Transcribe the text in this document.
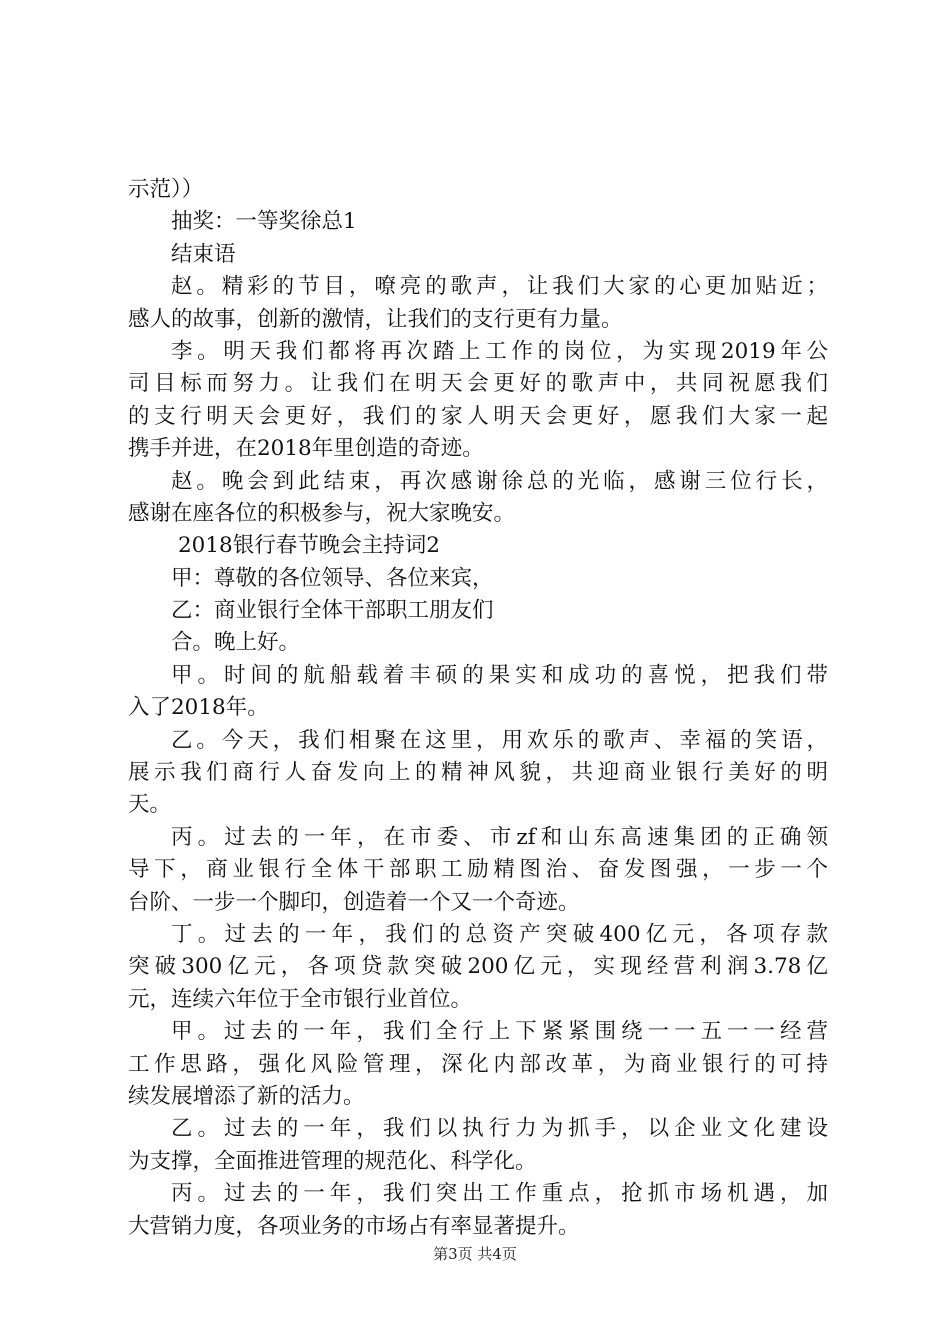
示范））
抽奖：一等奖徐总1
结束语
赵。精彩的节目，嘹亮的歌声，让我们大家的心更加贴近；
感人的故事，创新的激情，让我们的支行更有力量。
李。明天我们都将再次踏上工作的岗位，为实现2019年公
司目标而努力。让我们在明天会更好的歌声中，共同祝愿我们
的支行明天会更好，我们的家人明天会更好，愿我们大家一起
携手并进，在2018年里创造的奇迹。
赵。晚会到此结束，再次感谢徐总的光临，感谢三位行长，
感谢在座各位的积极参与，祝大家晚安。
2018银行春节晚会主持词2
甲：尊敬的各位领导、各位来宾，
乙：商业银行全体干部职工朋友们
合。晚上好。
甲。时间的航船载着丰硕的果实和成功的喜悦，把我们带
入了2018年。
乙。今天，我们相聚在这里，用欢乐的歌声、幸福的笑语，
展示我们商行人奋发向上的精神风貌，共迎商业银行美好的明
天。
丙。过去的一年，在市委、市zf和山东高速集团的正确领
导下，商业银行全体干部职工励精图治、奋发图强，一步一个
台阶、一步一个脚印，创造着一个又一个奇迹。
丁。过去的一年，我们的总资产突破400亿元，各项存款
突破300亿元，各项贷款突破200亿元，实现经营利润3.78亿
元，连续六年位于全市银行业首位。
甲。过去的一年，我们全行上下紧紧围绕一一五一一经营
工作思路，强化风险管理，深化内部改革，为商业银行的可持
续发展增添了新的活力。
乙。过去的一年，我们以执行力为抓手，以企业文化建设
为支撑，全面推进管理的规范化、科学化。
丙。过去的一年，我们突出工作重点，抢抓市场机遇，加
大营销力度，各项业务的市场占有率显著提升。
第3页 共4页
